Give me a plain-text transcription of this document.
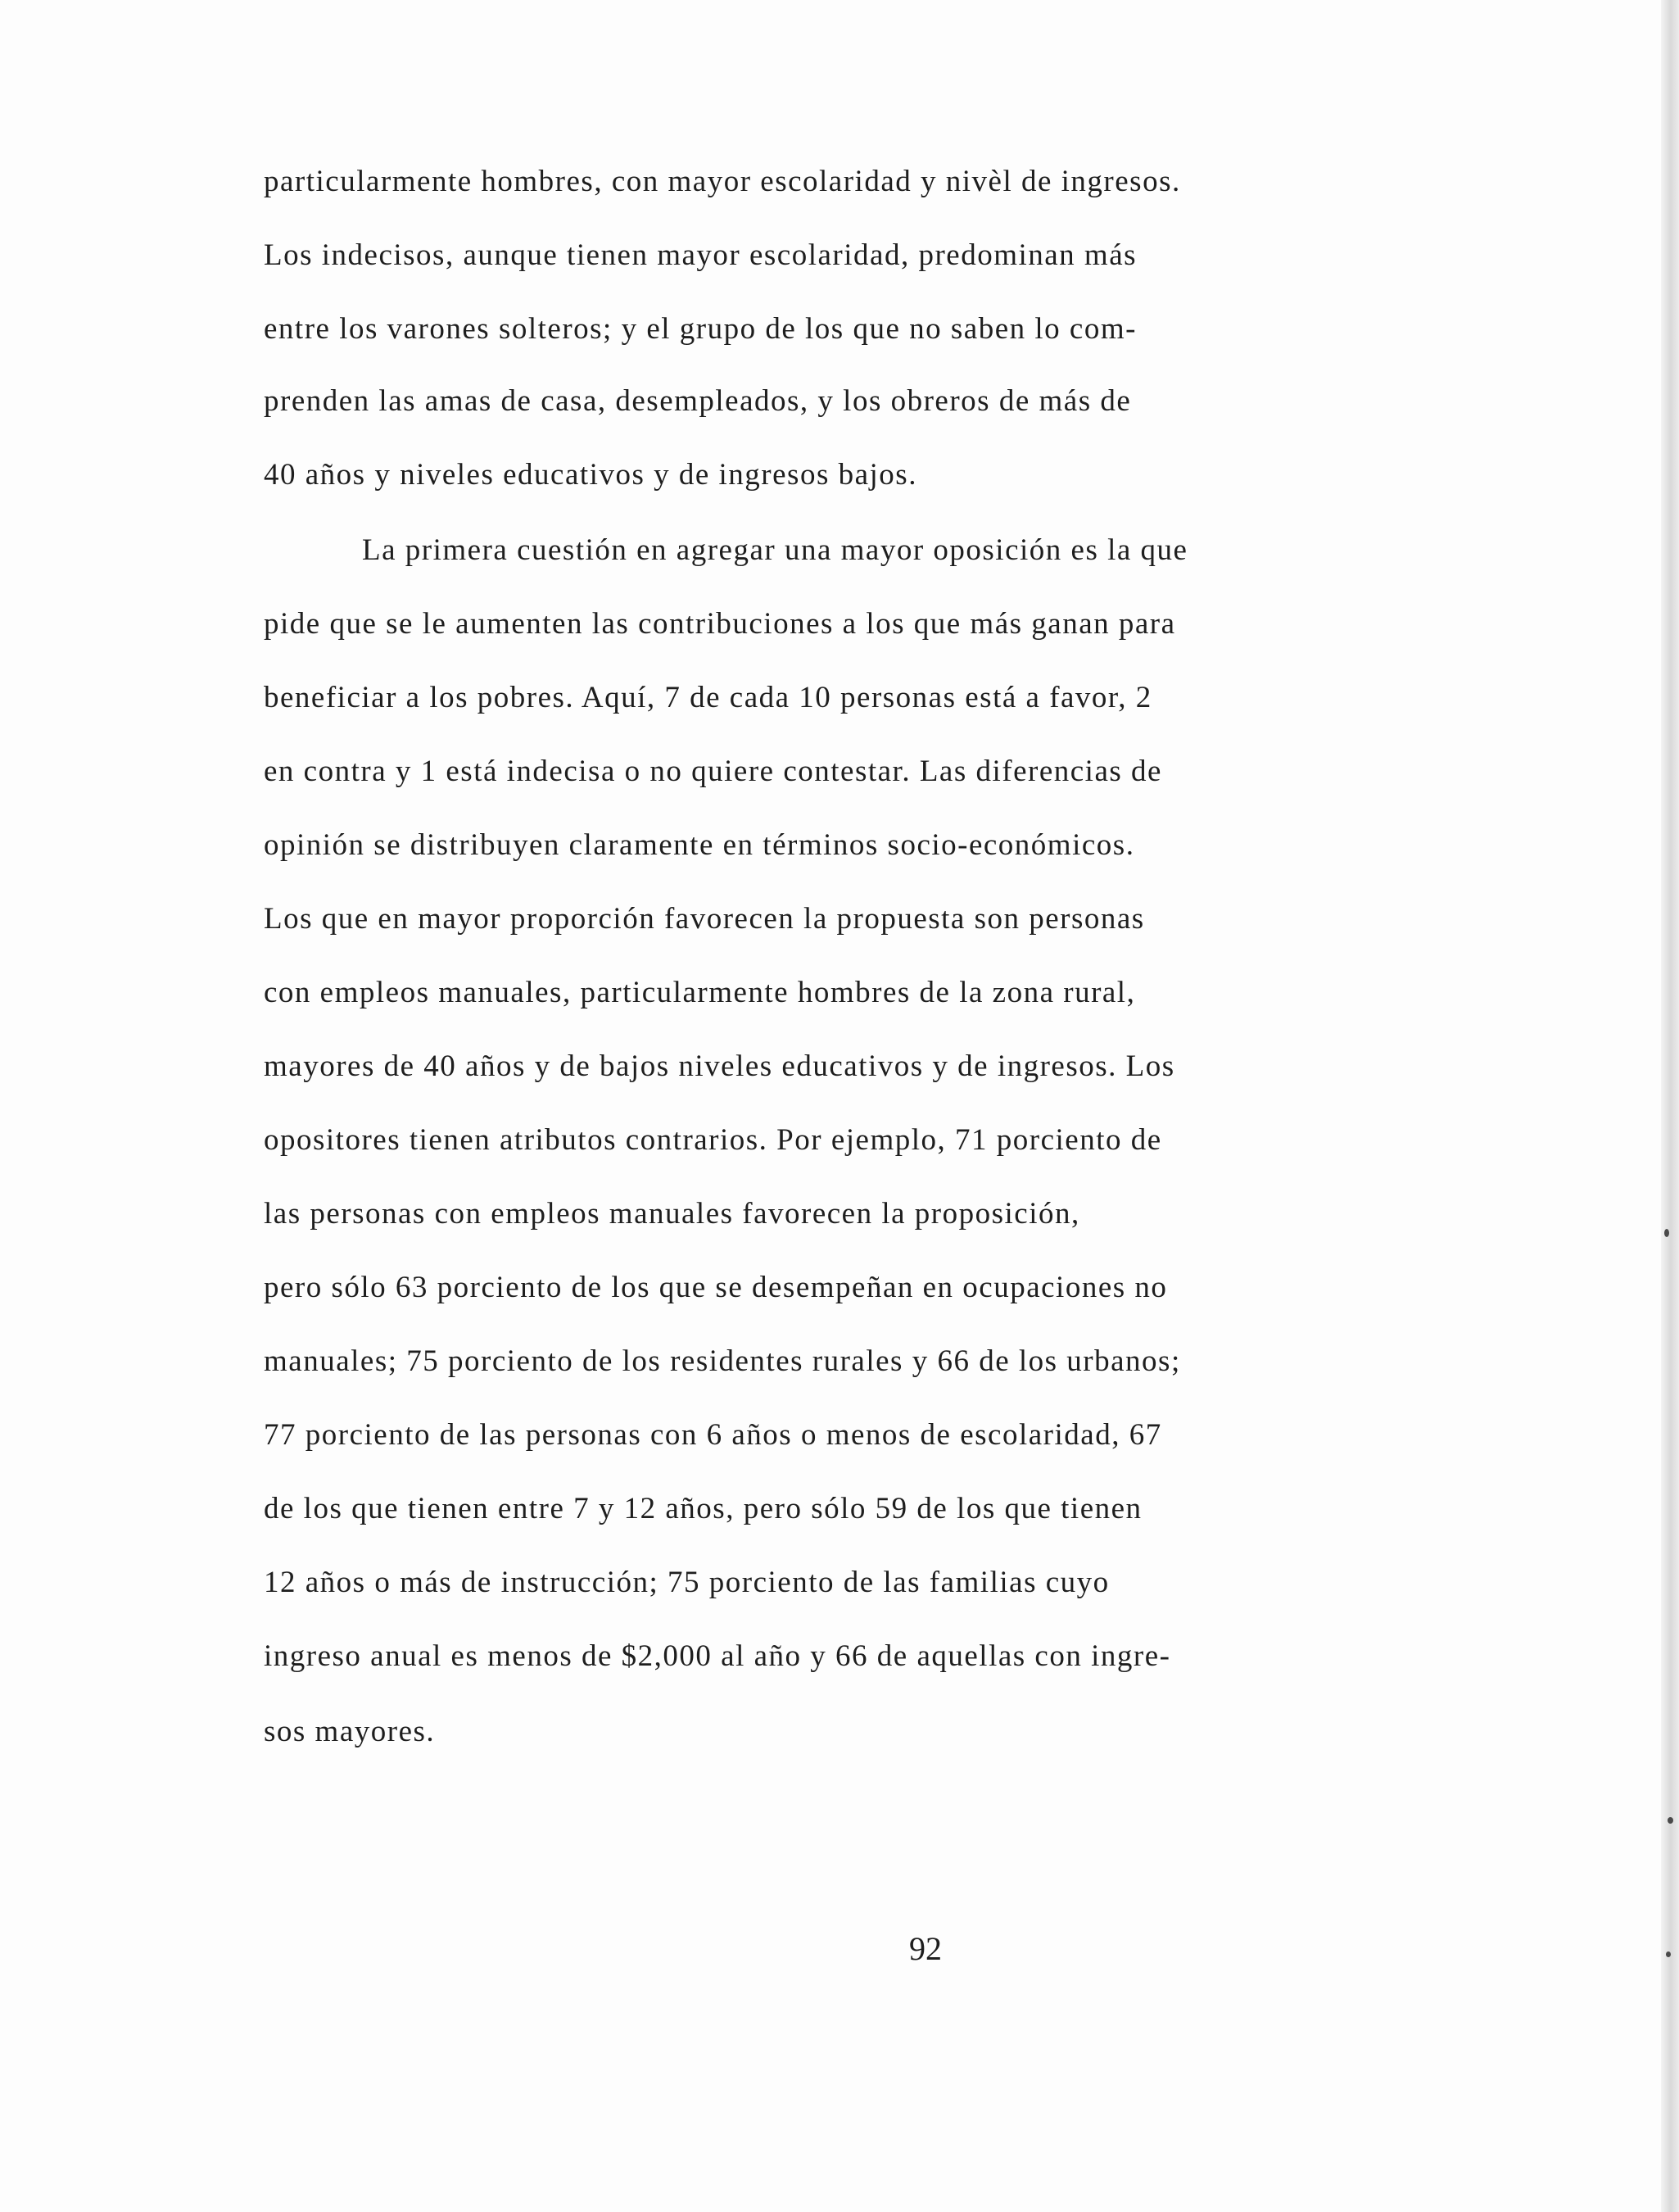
particularmente hombres, con mayor escolaridad y nivèl de ingresos.
Los indecisos, aunque tienen mayor escolaridad, predominan más
entre los varones solteros; y el grupo de los que no saben lo com-
prenden las amas de casa, desempleados, y los obreros de más de
40 años y niveles educativos y de ingresos bajos.
La primera cuestión en agregar una mayor oposición es la que
pide que se le aumenten las contribuciones a los que más ganan para
beneficiar a los pobres. Aquí, 7 de cada 10 personas está a favor, 2
en contra y 1 está indecisa o no quiere contestar. Las diferencias de
opinión se distribuyen claramente en términos socio-económicos.
Los que en mayor proporción favorecen la propuesta son personas
con empleos manuales, particularmente hombres de la zona rural,
mayores de 40 años y de bajos niveles educativos y de ingresos. Los
opositores tienen atributos contrarios. Por ejemplo, 71 porciento de
las personas con empleos manuales favorecen la proposición,
pero sólo 63 porciento de los que se desempeñan en ocupaciones no
manuales; 75 porciento de los residentes rurales y 66 de los urbanos;
77 porciento de las personas con 6 años o menos de escolaridad, 67
de los que tienen entre 7 y 12 años, pero sólo 59 de los que tienen
12 años o más de instrucción; 75 porciento de las familias cuyo
ingreso anual es menos de $2,000 al año y 66 de aquellas con ingre-
sos mayores.
92
